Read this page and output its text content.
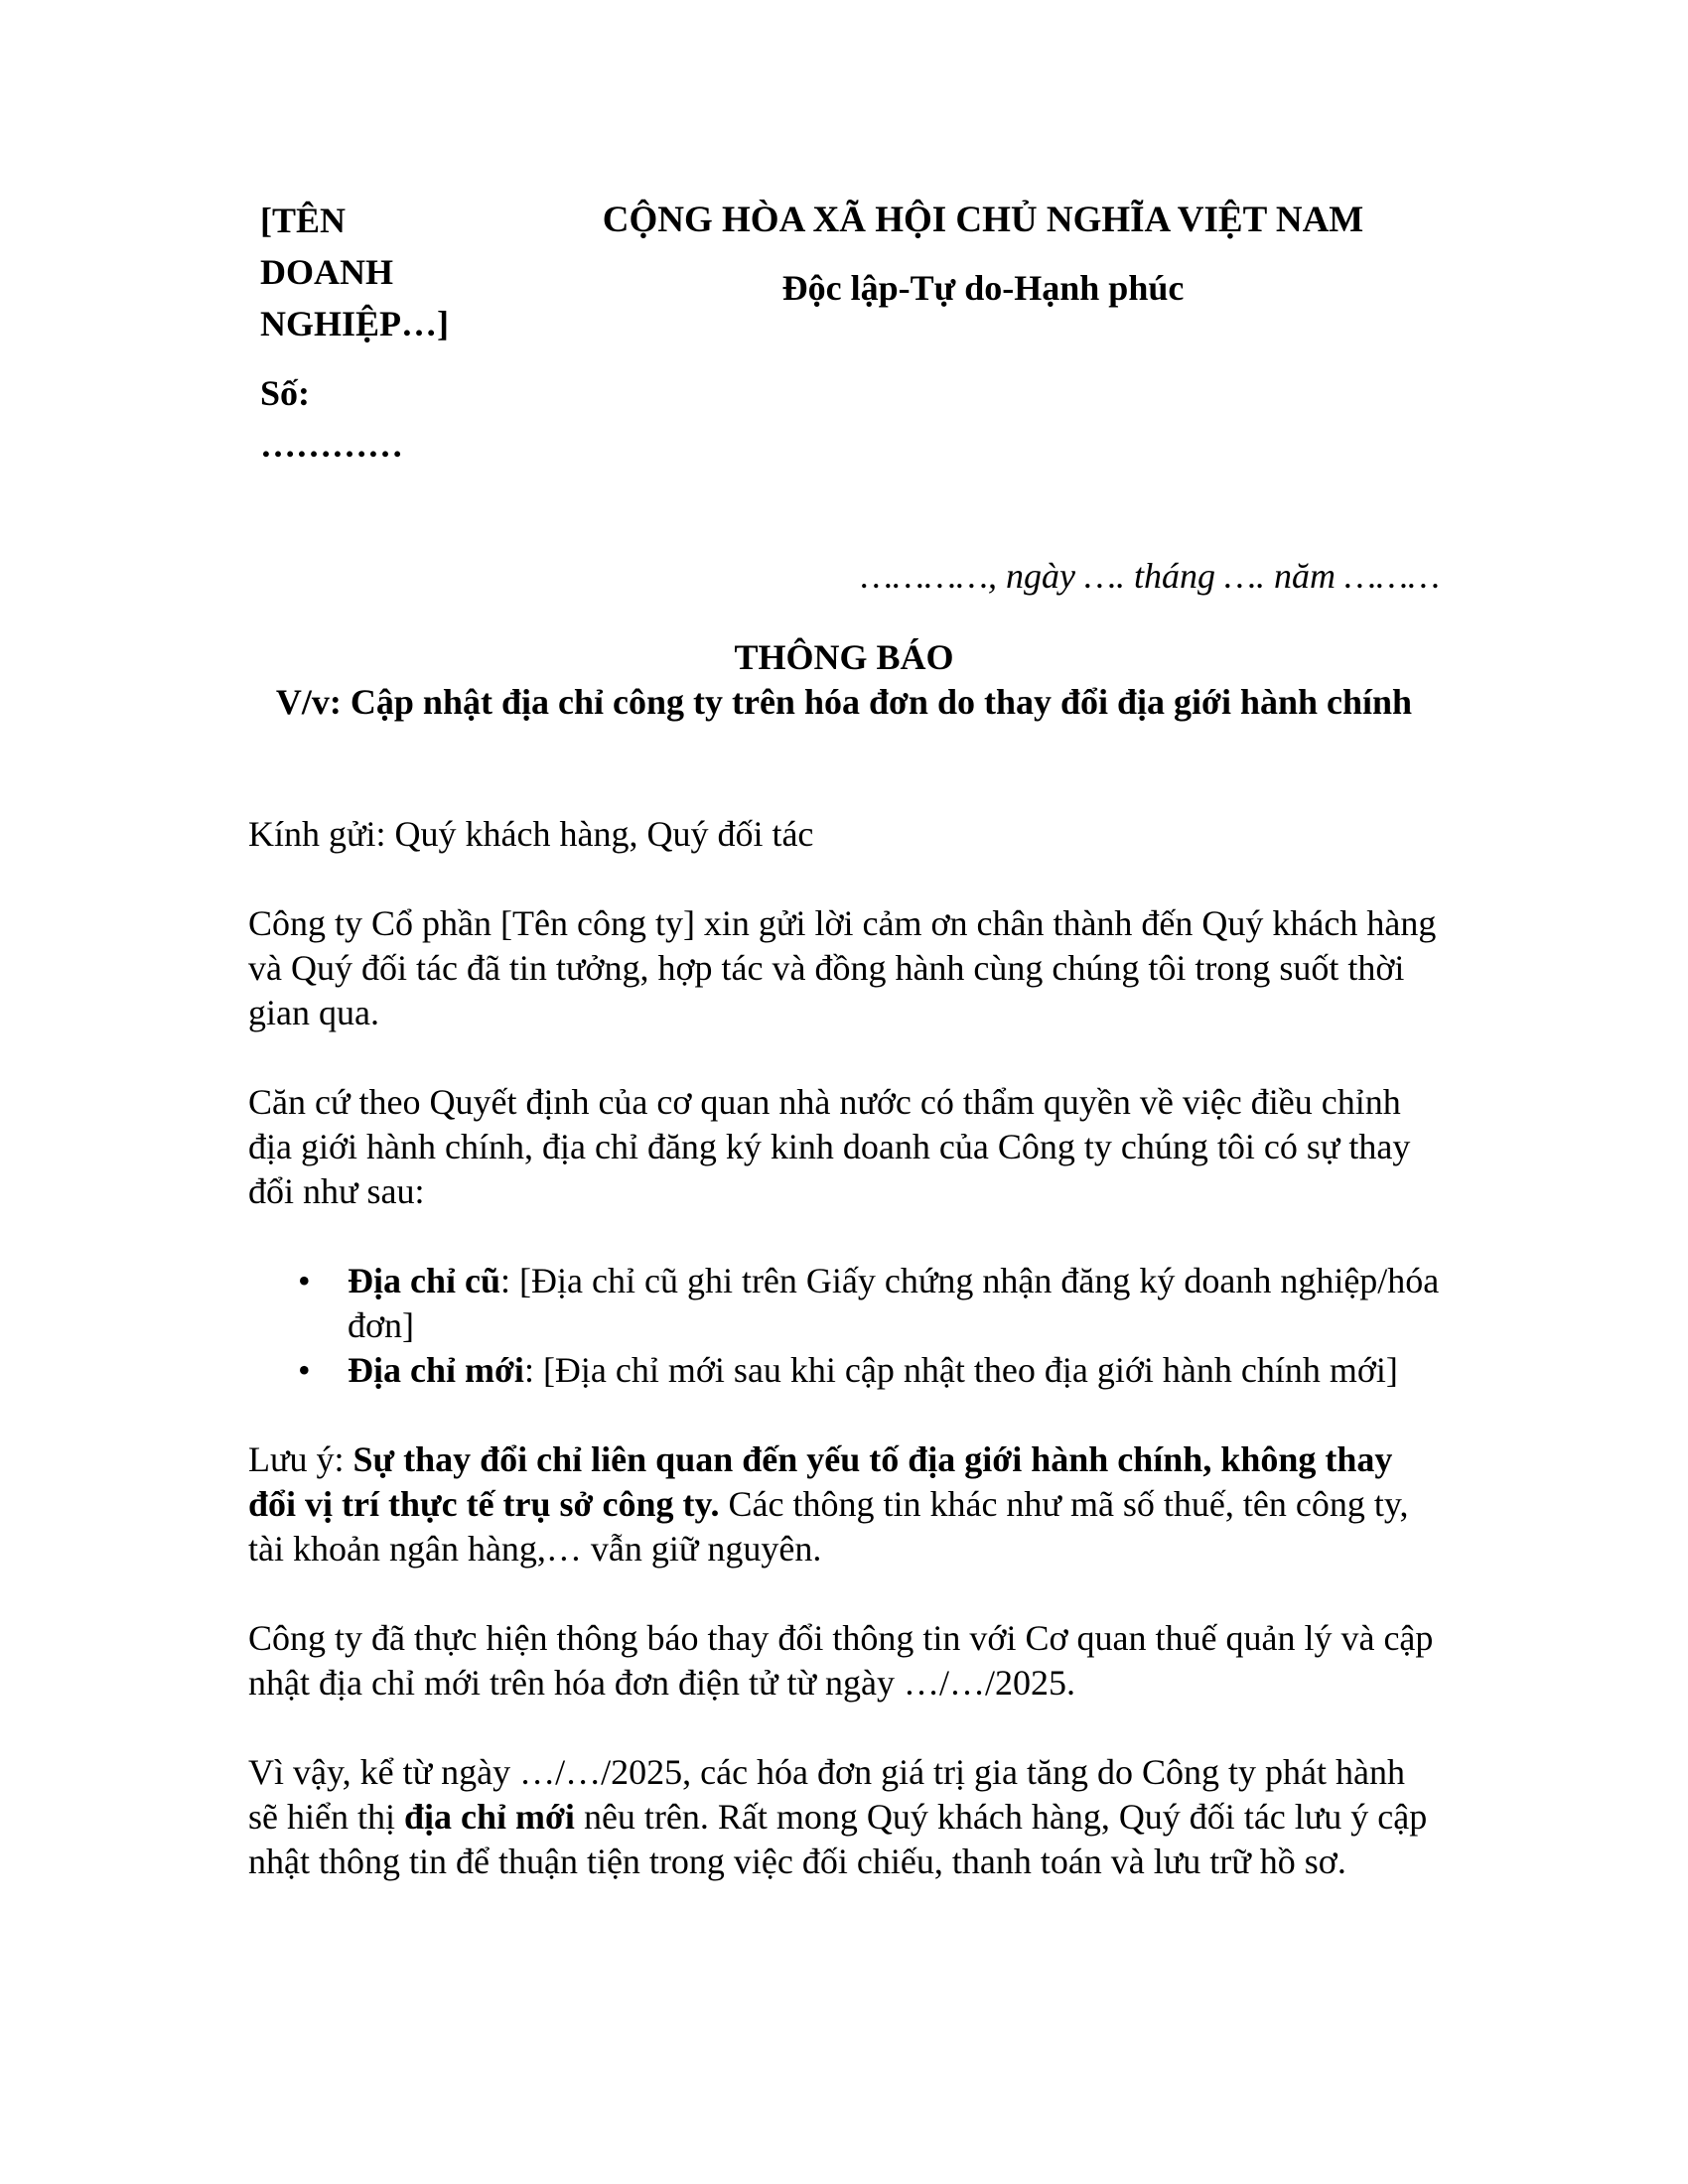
[TÊN
DOANH
NGHIỆP…]
Số:
…………

CỘNG HÒA XÃ HỘI CHỦ NGHĨA VIỆT NAM

Độc lập-Tự do-Hạnh phúc

…………, ngày …. tháng …. năm ………
THÔNG BÁO
V/v: Cập nhật địa chỉ công ty trên hóa đơn do thay đổi địa giới hành chính

Kính gửi: Quý khách hàng, Quý đối tác

Công ty Cổ phần [Tên công ty] xin gửi lời cảm ơn chân thành đến Quý khách hàng và Quý đối tác đã tin tưởng, hợp tác và đồng hành cùng chúng tôi trong suốt thời gian qua.

Căn cứ theo Quyết định của cơ quan nhà nước có thẩm quyền về việc điều chỉnh địa giới hành chính, địa chỉ đăng ký kinh doanh của Công ty chúng tôi có sự thay đổi như sau:

• Địa chỉ cũ: [Địa chỉ cũ ghi trên Giấy chứng nhận đăng ký doanh nghiệp/hóa đơn]
• Địa chỉ mới: [Địa chỉ mới sau khi cập nhật theo địa giới hành chính mới]

Lưu ý: Sự thay đổi chỉ liên quan đến yếu tố địa giới hành chính, không thay đổi vị trí thực tế trụ sở công ty. Các thông tin khác như mã số thuế, tên công ty, tài khoản ngân hàng,… vẫn giữ nguyên.

Công ty đã thực hiện thông báo thay đổi thông tin với Cơ quan thuế quản lý và cập nhật địa chỉ mới trên hóa đơn điện tử từ ngày …/…/2025.

Vì vậy, kể từ ngày …/…/2025, các hóa đơn giá trị gia tăng do Công ty phát hành sẽ hiển thị địa chỉ mới nêu trên. Rất mong Quý khách hàng, Quý đối tác lưu ý cập nhật thông tin để thuận tiện trong việc đối chiếu, thanh toán và lưu trữ hồ sơ.
